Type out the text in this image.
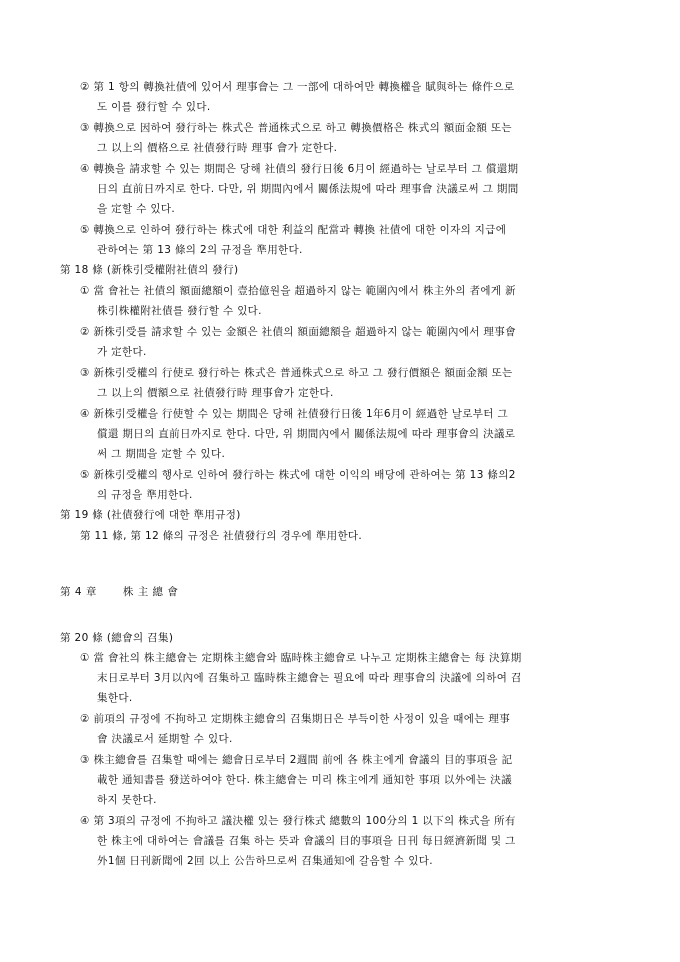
② 第 1 항의 轉換社債에 있어서 理事會는 그 一部에 대하여만 轉換權을 賦與하는 條件으로
도 이를 發行할 수 있다.
③ 轉換으로 因하여 發行하는 株式은 普通株式으로 하고 轉換價格은 株式의 額面金額 또는
그 以上의 價格으로 社債發行時 理事 會가 定한다.
④ 轉換을 請求할 수 있는 期間은 당해 社債의 發行日後 6月이 經過하는 날로부터 그 償還期
日의 直前日까지로 한다. 다만, 위 期間內에서 關係法規에 따라 理事會 決議로써 그 期間
을 定할 수 있다.
⑤ 轉換으로 인하여 發行하는 株式에 대한 利益의 配當과 轉換 社債에 대한 이자의 지급에
관하여는 第 13 條의 2의 규정을 準用한다.
第 18 條 (新株引受權附社債의 發行)
① 當 會社는 社債의 額面總額이 壹拾億원을 超過하지 않는 範圍內에서 株主外의 者에게 新
株引株權附社債를 發行할 수 있다.
② 新株引受를 請求할 수 있는 金額은 社債의 額面總額을 超過하지 않는 範圍內에서 理事會
가 定한다.
③ 新株引受權의 行使로 發行하는 株式은 普通株式으로 하고 그 發行價額은 額面金額 또는
그 以上의 價額으로 社債發行時 理事會가 定한다.
④ 新株引受權을 行使할 수 있는 期間은 당해 社債發行日後 1年6月이 經過한 날로부터 그
償還 期日의 直前日까지로 한다. 다만, 위 期間內에서 關係法規에 따라 理事會의 決議로
써 그 期間을 定할 수 있다.
⑤ 新株引受權의 행사로 인하여 發行하는 株式에 대한 이익의 배당에 관하여는 第 13 條의2
의 규정을 準用한다.
第 19 條 (社債發行에 대한 準用규정)
第 11 條, 第 12 條의 규정은 社債發行의 경우에 準用한다.
第 4 章 株 主 總 會
第 20 條 (總會의 召集)
① 當 會社의 株主總會는 定期株主總會와 臨時株主總會로 나누고 定期株主總會는 每 決算期
末日로부터 3月以內에 召集하고 臨時株主總會는 필요에 따라 理事會의 決議에 의하여 召
集한다.
② 前項의 규정에 不拘하고 定期株主總會의 召集期日은 부득이한 사정이 있을 때에는 理事
會 決議로서 延期할 수 있다.
③ 株主總會를 召集할 때에는 總會日로부터 2週間 前에 各 株主에게 會議의 目的事項을 記
載한 通知書를 發送하여야 한다. 株主總會는 미리 株主에게 通知한 事項 以外에는 決議
하지 못한다.
④ 第 3項의 규정에 不拘하고 議決權 있는 發行株式 總數의 100分의 1 以下의 株式을 所有
한 株主에 대하여는 會議를 召集 하는 뜻과 會議의 目的事項을 日刊 每日經濟新聞 및 그
外1個 日刊新聞에 2回 以上 公告하므로써 召集通知에 갈음할 수 있다.
